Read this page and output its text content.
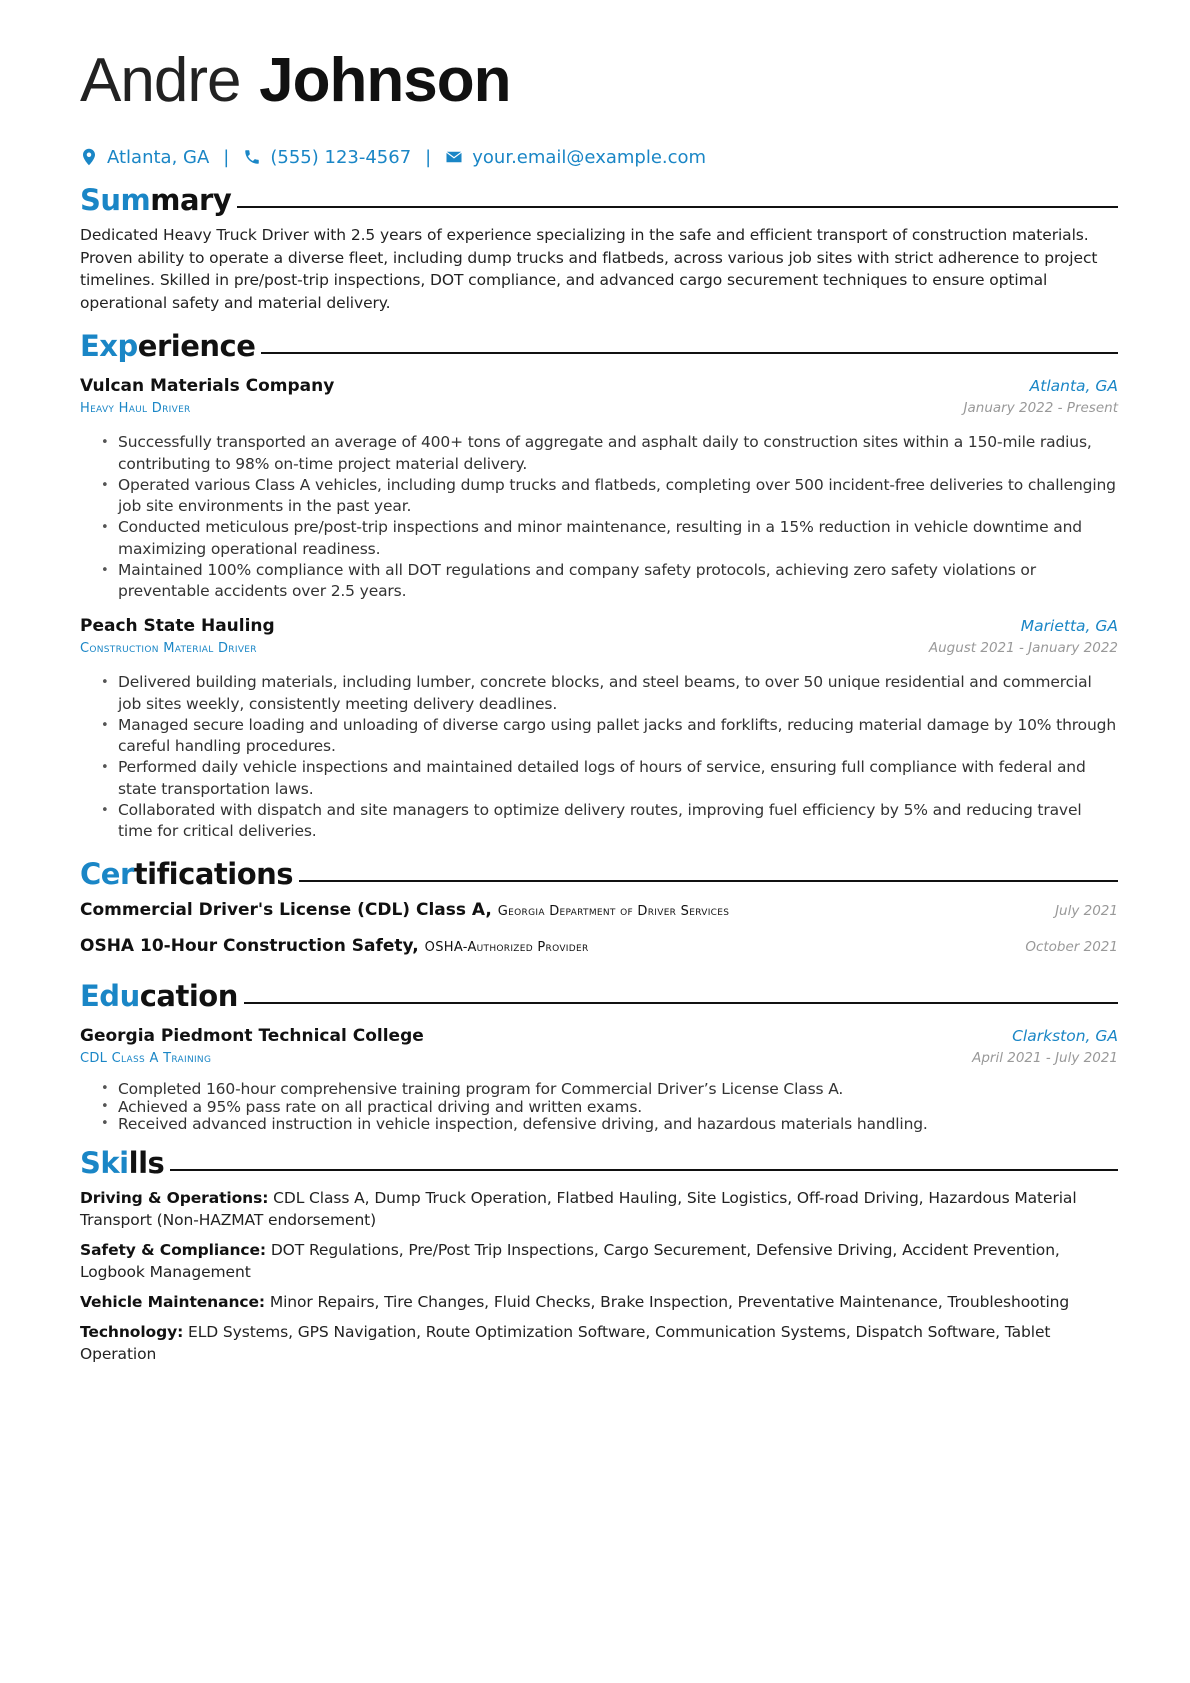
Andre Johnson
Atlanta, GA | (555) 123-4567 | your.email@example.com
Summary
Dedicated Heavy Truck Driver with 2.5 years of experience specializing in the safe and efficient transport of construction materials. Proven ability to operate a diverse fleet, including dump trucks and flatbeds, across various job sites with strict adherence to project timelines. Skilled in pre/post-trip inspections, DOT compliance, and advanced cargo securement techniques to ensure optimal operational safety and material delivery.
Experience
Vulcan Materials Company	Atlanta, GA
Heavy Haul Driver	January 2022 - Present
• Successfully transported an average of 400+ tons of aggregate and asphalt daily to construction sites within a 150-mile radius, contributing to 98% on-time project material delivery.
• Operated various Class A vehicles, including dump trucks and flatbeds, completing over 500 incident-free deliveries to challenging job site environments in the past year.
• Conducted meticulous pre/post-trip inspections and minor maintenance, resulting in a 15% reduction in vehicle downtime and maximizing operational readiness.
• Maintained 100% compliance with all DOT regulations and company safety protocols, achieving zero safety violations or preventable accidents over 2.5 years.
Peach State Hauling	Marietta, GA
Construction Material Driver	August 2021 - January 2022
• Delivered building materials, including lumber, concrete blocks, and steel beams, to over 50 unique residential and commercial job sites weekly, consistently meeting delivery deadlines.
• Managed secure loading and unloading of diverse cargo using pallet jacks and forklifts, reducing material damage by 10% through careful handling procedures.
• Performed daily vehicle inspections and maintained detailed logs of hours of service, ensuring full compliance with federal and state transportation laws.
• Collaborated with dispatch and site managers to optimize delivery routes, improving fuel efficiency by 5% and reducing travel time for critical deliveries.
Certifications
Commercial Driver's License (CDL) Class A, Georgia Department of Driver Services	July 2021
OSHA 10-Hour Construction Safety, OSHA-Authorized Provider	October 2021
Education
Georgia Piedmont Technical College	Clarkston, GA
CDL Class A Training	April 2021 - July 2021
• Completed 160-hour comprehensive training program for Commercial Driver’s License Class A.
• Achieved a 95% pass rate on all practical driving and written exams.
• Received advanced instruction in vehicle inspection, defensive driving, and hazardous materials handling.
Skills
Driving & Operations: CDL Class A, Dump Truck Operation, Flatbed Hauling, Site Logistics, Off-road Driving, Hazardous Material Transport (Non-HAZMAT endorsement)
Safety & Compliance: DOT Regulations, Pre/Post Trip Inspections, Cargo Securement, Defensive Driving, Accident Prevention, Logbook Management
Vehicle Maintenance: Minor Repairs, Tire Changes, Fluid Checks, Brake Inspection, Preventative Maintenance, Troubleshooting
Technology: ELD Systems, GPS Navigation, Route Optimization Software, Communication Systems, Dispatch Software, Tablet Operation
